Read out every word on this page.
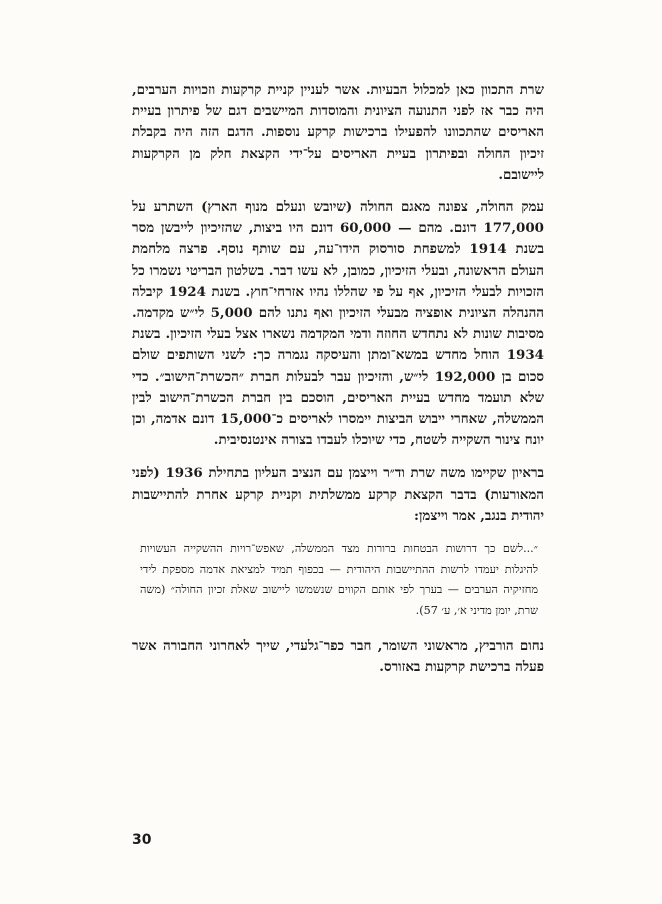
שרת התכוון כאן למכלול הבעיות. אשר לעניין קניית קרקעות וזכויות הערבים, היה כבר אז לפני התנועה הציונית והמוסדות המיישבים דגם של פיתרון בעיית האריסים שהתכוונו להפעילו ברכישות קרקע נוספות. הדגם הזה היה בקבלת זיכיון החולה ובפיתרון בעיית האריסים על־ידי הקצאת חלק מן הקרקעות ליישובם.

עמק החולה, צפונה מאגם החולה (שיובש ונעלם מנוף הארץ) השתרע על 177,000 דונם. מהם — 60,000 דונם היו ביצות, שהזיכיון לייבשן מסר בשנת 1914 למשפחת סורסוק הידו־עה, עם שותף נוסף. פרצה מלחמת העולם הראשונה, ובעלי הזיכיון, כמובן, לא עשו דבר. בשלטון הבריטי נשמרו כל הזכויות לבעלי הזיכיון, אף על פי שהללו נהיו אזרחי־חוץ. בשנת 1924 קיבלה ההנהלה הציונית אופציה מבעלי הזיכיון ואף נתנו להם 5,000 לי״ש מקדמה. מסיבות שונות לא נתחדש החוזה ודמי המקדמה נשארו אצל בעלי הזיכיון. בשנת 1934 הוחל מחדש במשא־ומתן והעיסקה נגמרה כך: לשני השותפים שולם סכום בן 192,000 לי״ש, והזיכיון עבר לבעלות חברת ״הכשרת־הישוב״. כדי שלא תועמד מחדש בעיית האריסים, הוסכם בין חברת הכשרת־הישוב לבין הממשלה, שאחרי ייבוש הביצות יימסרו לאריסים כ־15,000 דונם אדמה, וכן יונח צינור השקייה לשטח, כדי שיוכלו לעבדו בצורה אינטנסיבית.

בראיון שקיימו משה שרת וד״ר וייצמן עם הנציב העליון בתחילת 1936 (לפני המאורעות) בדבר הקצאת קרקע ממשלתית וקניית קרקע אחרת להתיישבות יהודית בנגב, אמר וייצמן:

״...לשם כך דרושות הבטחות ברורות מצד הממשלה, שאפש־רויות ההשקייה העשויות להיגלות יעמדו לרשות ההתיישבות היהודית — בכפוף תמיד למציאת אדמה מספקת לידי מחזיקיה הערבים — בערך לפי אותם הקווים שנשמשו ליישוב שאלת זכיון החולה״ (משה שרת, יומן מדיני א׳, ע׳ 57).

נחום הורביץ, מראשוני השומר, חבר כפר־גלעדי, שייך לאחרוני החבורה אשר פעלה ברכישת קרקעות באזורס.

30
